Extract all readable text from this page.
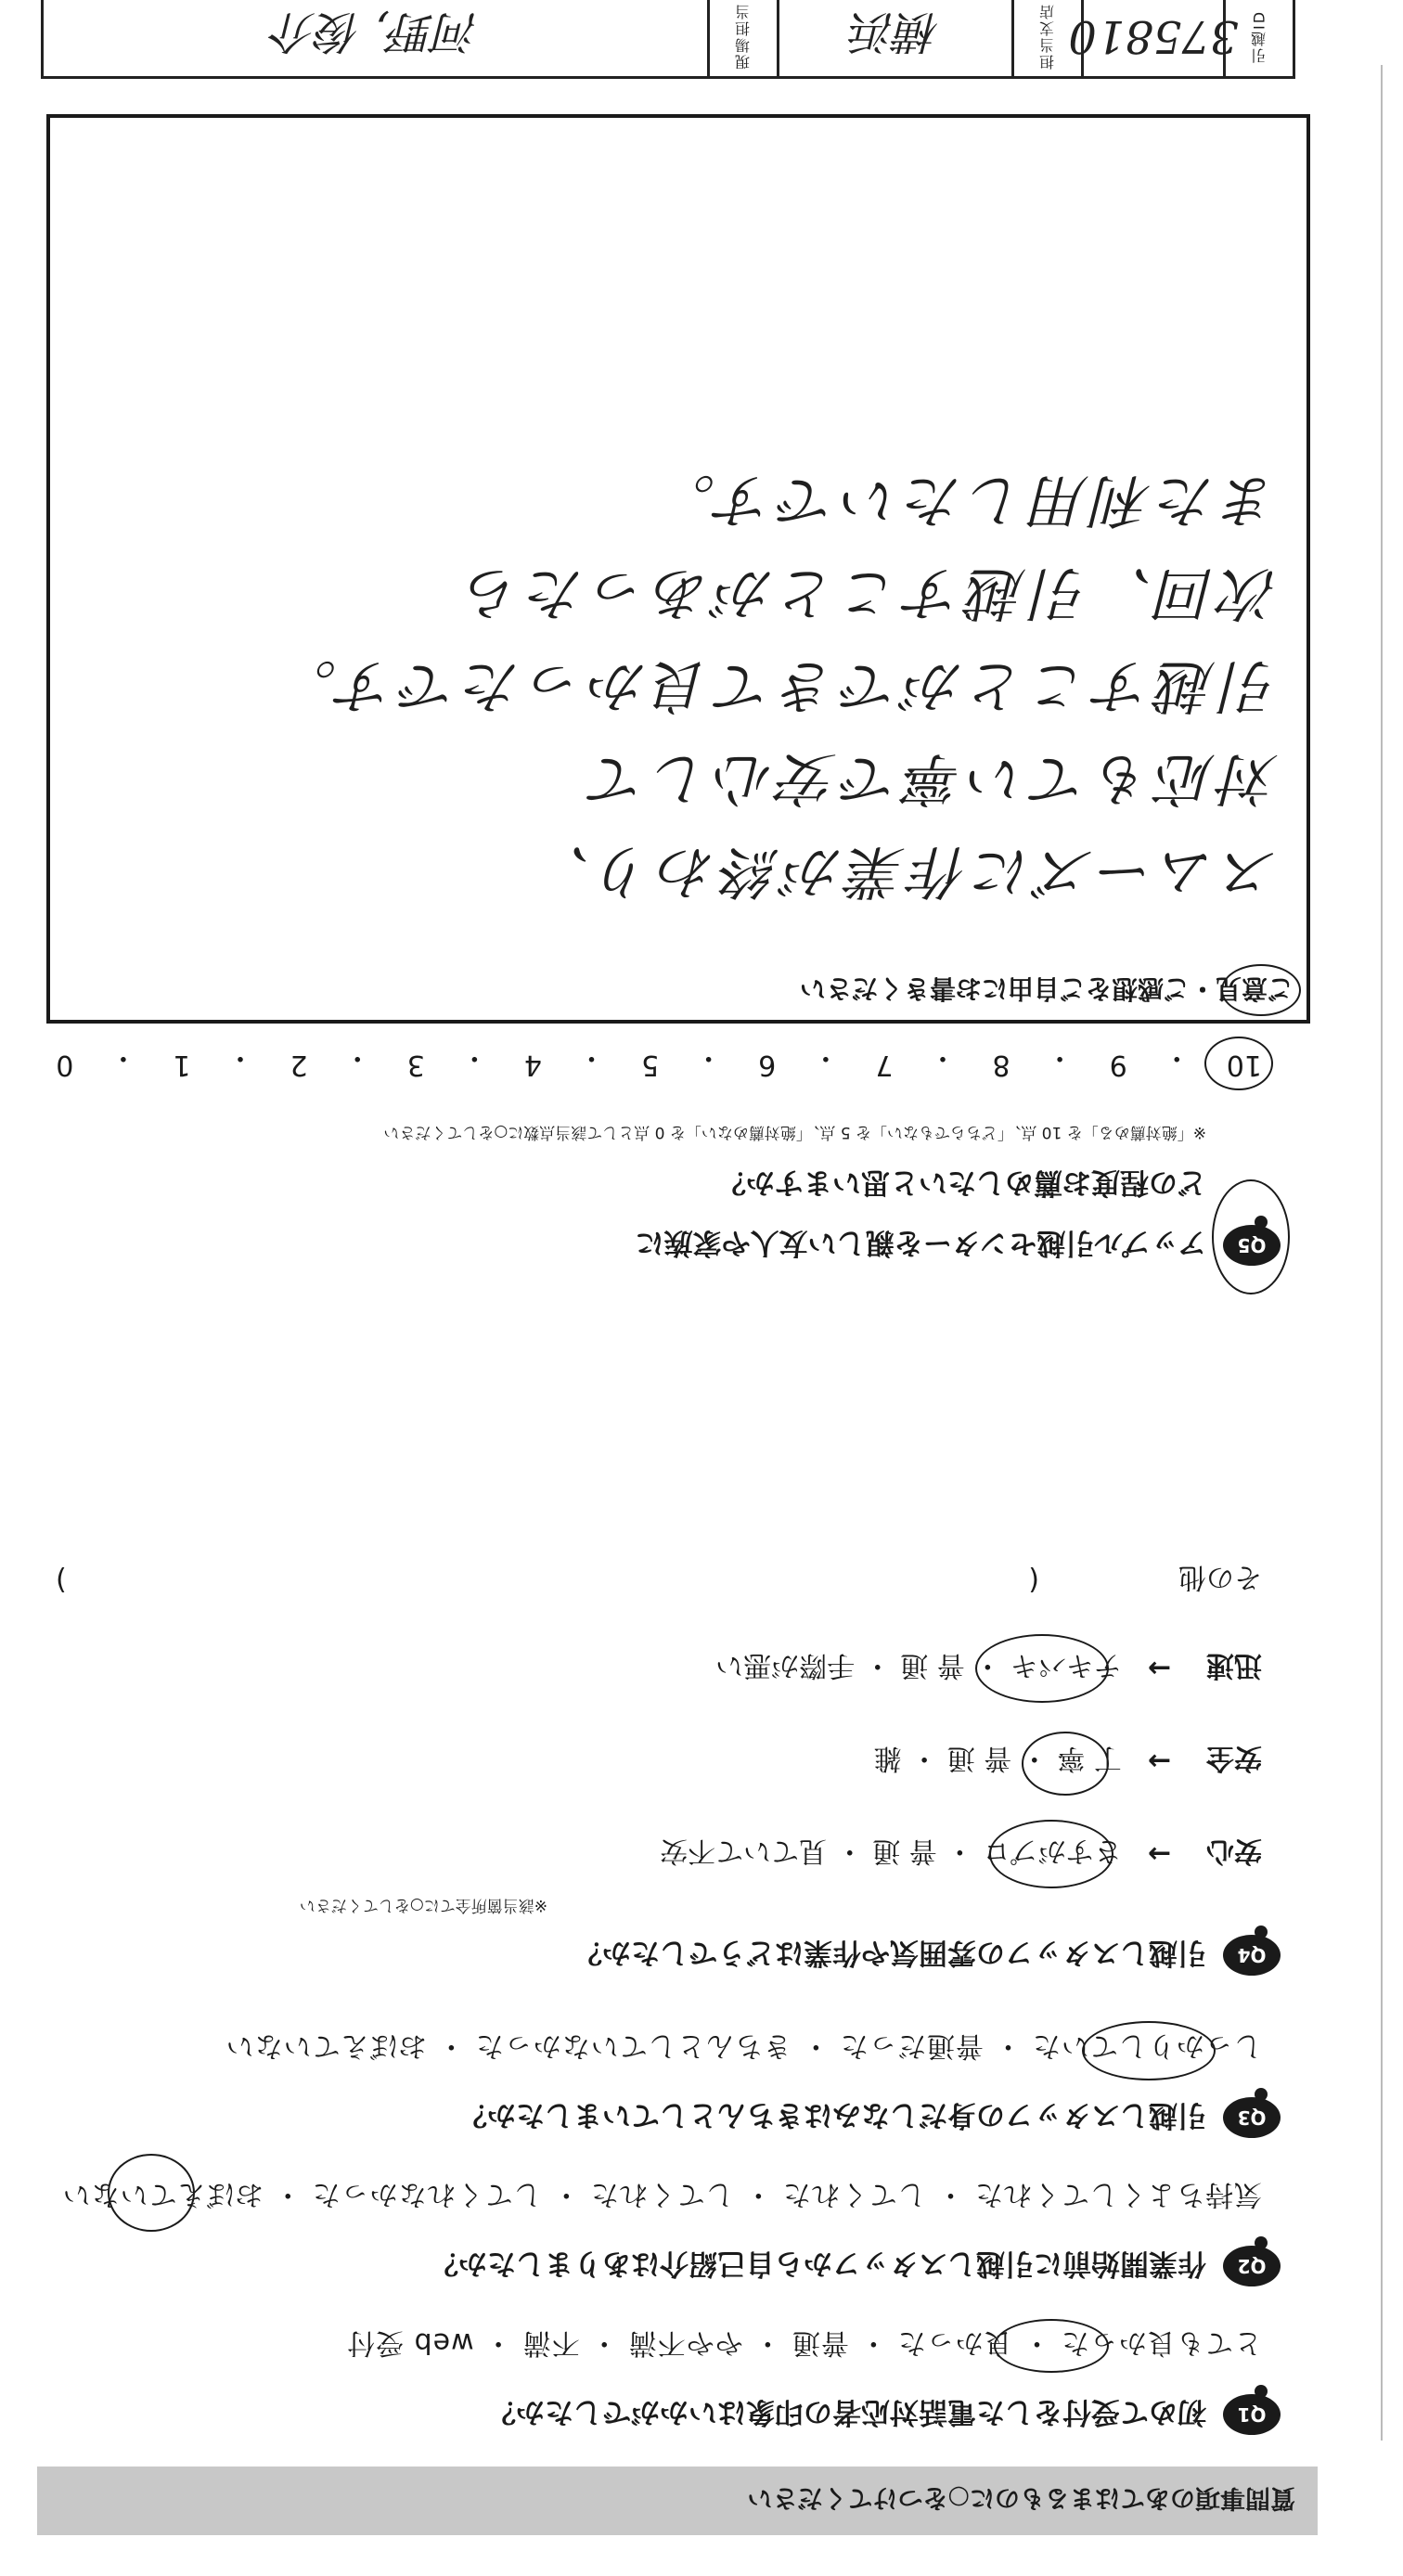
引越ID
375810
担当支店
横浜
現場担当
河野, 俊介
質問事項のあてはまるものに○をつけてください
Q1
初めて受付をした電話対応者の印象はいかがでしたか？
とても良かった ・ 良かった ・ 普通 ・ やや不満 ・ 不満 ・ web 受付
Q2
作業開始前に引越しスタッフから自己紹介はありましたか？
気持ちよくしてくれた ・ してくれた ・ してくれた ・ してくれなかった ・ おぼえていない
Q3
引越しスタッフの身だしなみはきちんとしていましたか？
しっかりしていた ・ 普通だった ・ きちんとしていなかった ・ おぼえていない
Q4
引越しスタッフの雰囲気や作業はどうでしたか？
※該当箇所全てに○をしてください
安心
→
さすがプロ ・ 普 通 ・ 見ていて不安
安全
→
丁 寧 ・ 普 通 ・ 雑
迅速
→
テキパキ ・ 普 通 ・ 手際が悪い
その他
(
)
Q5
アップル引越センターを親しい友人や家族に
どの程度お薦めしたいと思いますか？
※「絶対薦める」を 10 点、「どちらでもない」を 5 点、「絶対薦めない」を 0 点として該当点数に○をしてください
10
・
9
・
8
・
7
・
6
・
5
・
4
・
3
・
2
・
1
・
0
ご意見・ご感想をご自由にお書きください
スムーズに作業が終わり、
対応もてい寧で安心して
引越すことができて良かったです。
次回、引越すことがあったら
また利用したいです。
